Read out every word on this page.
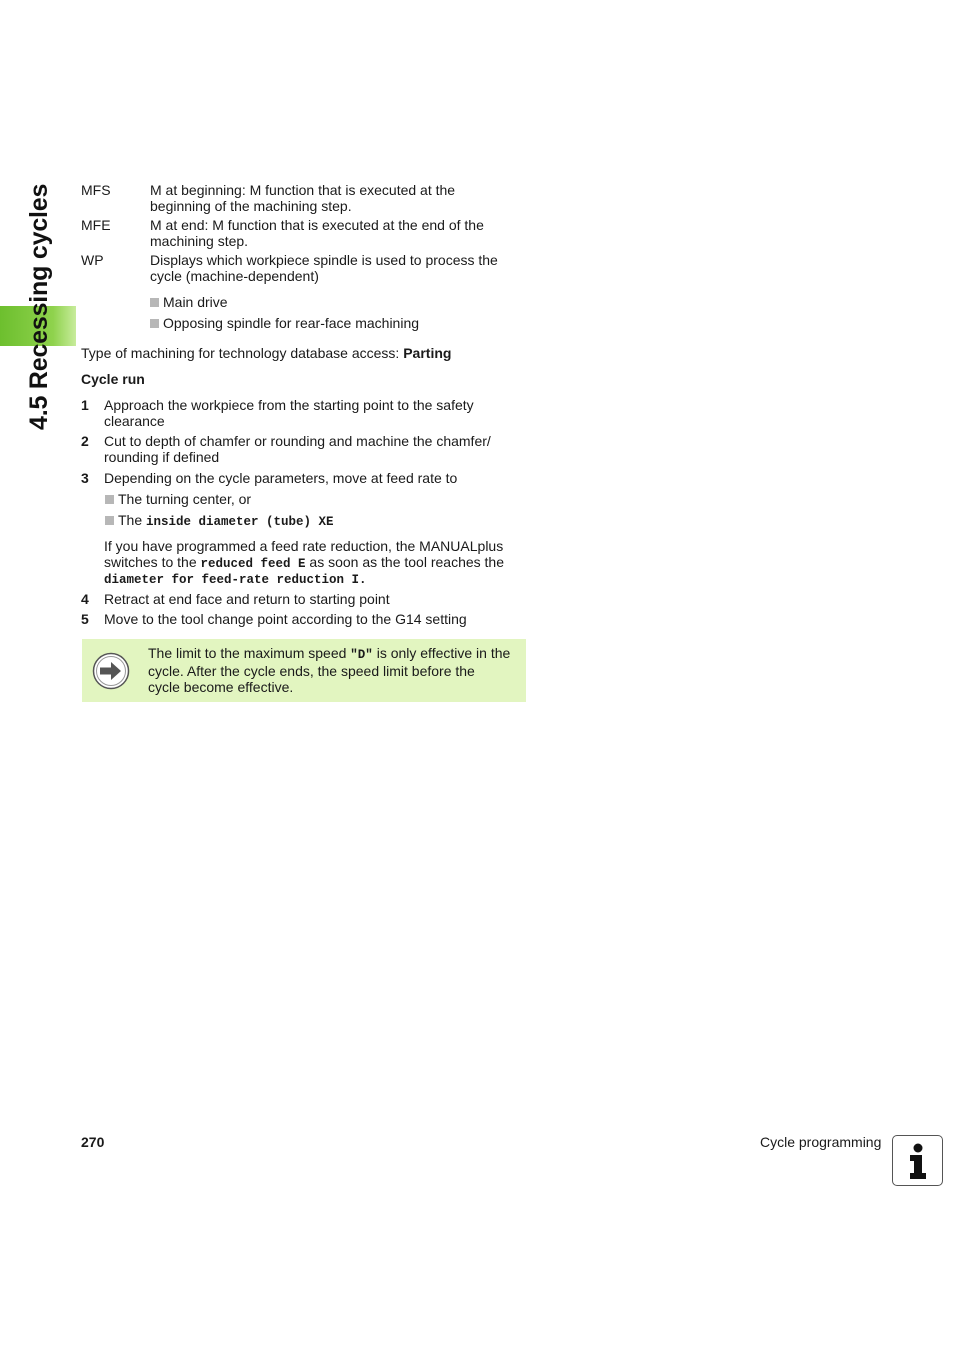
4.5 Recessing cycles MFS	M at beginning: M function that is executed at the
beginning of the machining step.
MFE	M at end: M function that is executed at the end of the
machining step.
WP	Displays which workpiece spindle is used to process the
cycle (machine-dependent)
Main drive
Opposing spindle for rear-face machining
Type of machining for technology database access: Parting
Cycle run
1 Approach the workpiece from the starting point to the safety
clearance
2 Cut to depth of chamfer or rounding and machine the chamfer/
rounding if defined
3 Depending on the cycle parameters, move at feed rate to
The turning center, or
The inside diameter (tube) XE
If you have programmed a feed rate reduction, the MANUALplus
switches to the reduced feed E as soon as the tool reaches the
diameter for feed-rate reduction I.
4 Retract at end face and return to starting point
5 Move to the tool change point according to the G14 setting
The limit to the maximum speed "D" is only effective in the
cycle. After the cycle ends, the speed limit before the
cycle become effective.
270	Cycle programming
